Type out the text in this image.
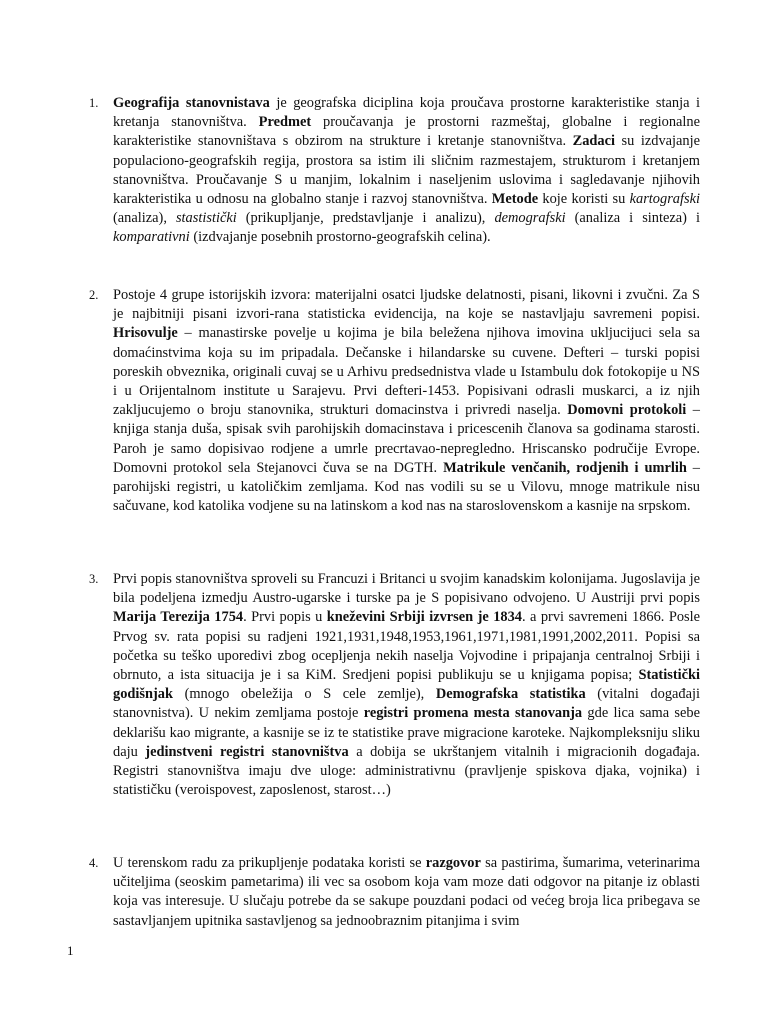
1. Geografija stanovnistava je geografska diciplina koja proučava prostorne karakteristike stanja i kretanja stanovništva. Predmet proučavanja je prostorni razmeštaj, globalne i regionalne karakteristike stanovništava s obzirom na strukture i kretanje stanovništva. Zadaci su izdvajanje populaciono-geografskih regija, prostora sa istim ili sličnim razmestajem, strukturom i kretanjem stanovništva. Proučavanje S u manjim, lokalnim i naseljenim uslovima i sagledavanje njihovih karakteristika u odnosu na globalno stanje i razvoj stanovništva. Metode koje koristi su kartografski (analiza), stastistički (prikupljanje, predstavljanje i analizu), demografski (analiza i sinteza) i komparativni (izdvajanje posebnih prostorno-geografskih celina).
2. Postoje 4 grupe istorijskih izvora: materijalni osatci ljudske delatnosti, pisani, likovni i zvučni. Za S je najbitniji pisani izvori-rana statisticka evidencija, na koje se nastavljaju savremeni popisi. Hrisovulje – manastirske povelje u kojima je bila beležena njihova imovina ukljucijuci sela sa domaćinstvima koja su im pripadala. Dečanske i hilandarske su cuvene. Defteri – turski popisi poreskih obveznika, originali cuvaj se u Arhivu predsednistva vlade u Istambulu dok fotokopije u NS i u Orijentalnom institute u Sarajevu. Prvi defteri-1453. Popisivani odrasli muskarci, a iz njih zakljucujemo o broju stanovnika, strukturi domacinstva i privredi naselja. Domovni protokoli – knjiga stanja duša, spisak svih parohijskih domacinstava i pricescenih članova sa godinama starosti. Paroh je samo dopisivao rodjene a umrle precrtavao-nepregledno. Hriscansko područije Evrope. Domovni protokol sela Stejanovci čuva se na DGTH. Matrikule venčanih, rodjenih i umrlih – parohijski registri, u katoličkim zemljama. Kod nas vodili su se u Vilovu, mnoge matrikule nisu sačuvane, kod katolika vodjene su na latinskom a kod nas na staroslovenskom a kasnije na srpskom.
3. Prvi popis stanovništva sproveli su Francuzi i Britanci u svojim kanadskim kolonijama. Jugoslavija je bila podeljena izmedju Austro-ugarske i turske pa je S popisivano odvojeno. U Austriji prvi popis Marija Terezija 1754. Prvi popis u kneževini Srbiji izvrsen je 1834. a prvi savremeni 1866. Posle Prvog sv. rata popisi su radjeni 1921,1931,1948,1953,1961,1971,1981,1991,2002,2011. Popisi sa početka su teško uporedivi zbog ocepljenja nekih naselja Vojvodine i pripajanja centralnoj Srbiji i obrnuto, a ista situacija je i sa KiM. Sredjeni popisi publikuju se u knjigama popisa; Statistički godišnjak (mnogo obeležija o S cele zemlje), Demografska statistika (vitalni događaji stanovnistva). U nekim zemljama postoje registri promena mesta stanovanja gde lica sama sebe deklarišu kao migrante, a kasnije se iz te statistike prave migracione karoteke. Najkompleksniju sliku daju jedinstveni registri stanovništva a dobija se ukrštanjem vitalnih i migracionih događaja. Registri stanovništva imaju dve uloge: administrativnu (pravljenje spiskova djaka, vojnika) i statističku (veroispovest, zaposlenost, starost…)
4. U terenskom radu za prikupljenje podataka koristi se razgovor sa pastirima, šumarima, veterinarima učiteljima (seoskim pametarima) ili vec sa osobom koja vam moze dati odgovor na pitanje iz oblasti koja vas interesuje. U slučaju potrebe da se sakupe pouzdani podaci od većeg broja lica pribegava se sastavljanjem upitnika sastavljenog sa jednoobraznim pitanjima i svim
1
